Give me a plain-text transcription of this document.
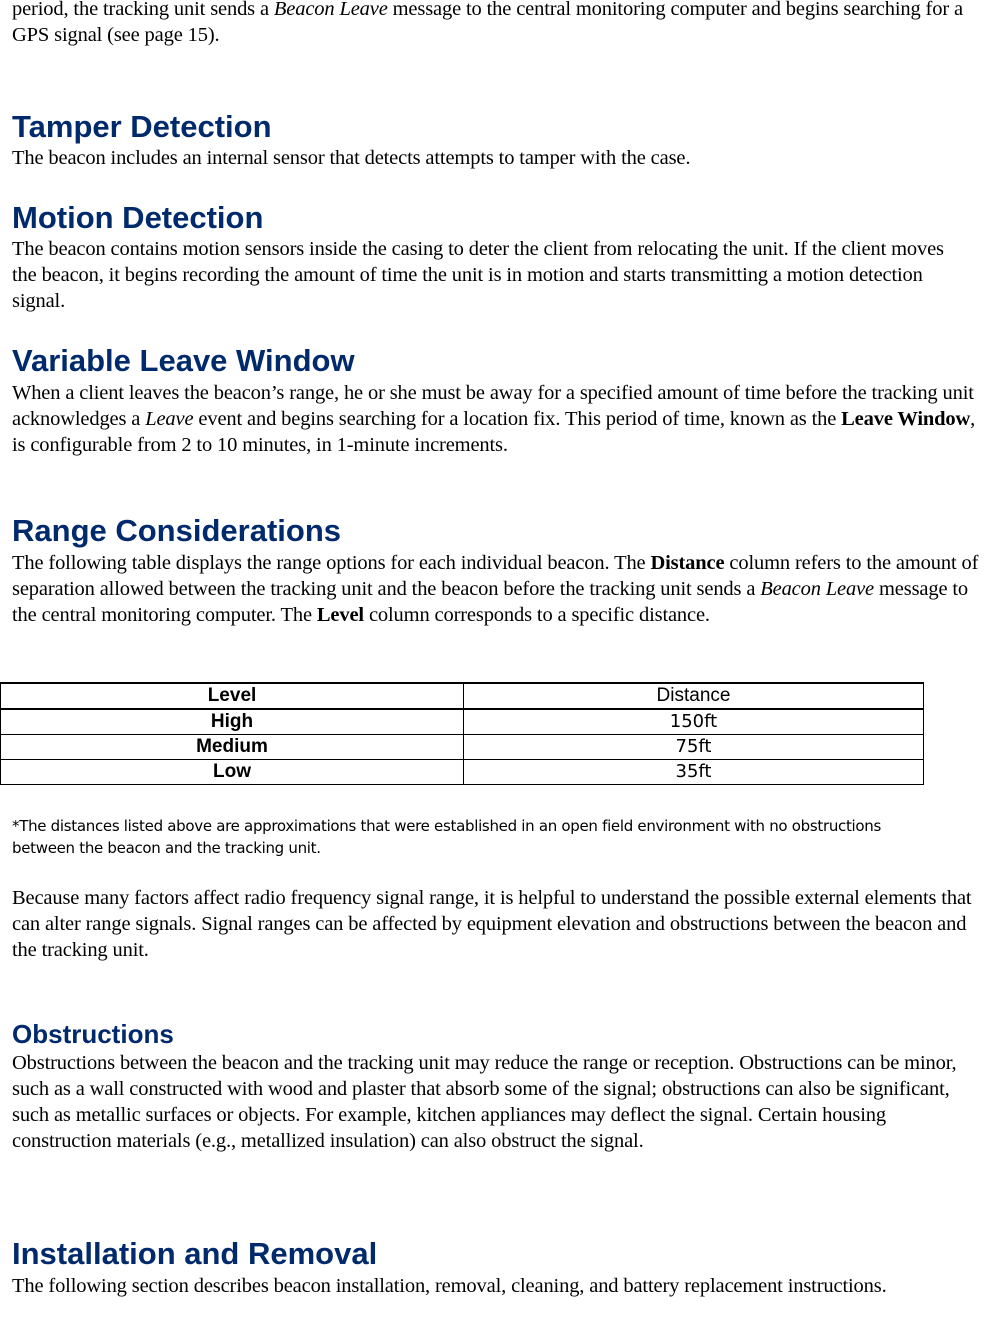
period, the tracking unit sends a Beacon Leave message to the central monitoring computer and begins searching for a GPS signal (see page 15).

Tamper Detection

The beacon includes an internal sensor that detects attempts to tamper with the case.

Motion Detection

The beacon contains motion sensors inside the casing to deter the client from relocating the unit. If the client moves the beacon, it begins recording the amount of time the unit is in motion and starts transmitting a motion detection signal.

Variable Leave Window

When a client leaves the beacon’s range, he or she must be away for a specified amount of time before the tracking unit acknowledges a Leave event and begins searching for a location fix. This period of time, known as the Leave Window, is configurable from 2 to 10 minutes, in 1-minute increments.

Range Considerations

The following table displays the range options for each individual beacon. The Distance column refers to the amount of separation allowed between the tracking unit and the beacon before the tracking unit sends a Beacon Leave message to the central monitoring computer. The Level column corresponds to a specific distance.

Level	Distance
High	150ft
Medium	75ft
Low	35ft

*The distances listed above are approximations that were established in an open field environment with no obstructions between the beacon and the tracking unit.

Because many factors affect radio frequency signal range, it is helpful to understand the possible external elements that can alter range signals. Signal ranges can be affected by equipment elevation and obstructions between the beacon and the tracking unit.

Obstructions

Obstructions between the beacon and the tracking unit may reduce the range or reception. Obstructions can be minor, such as a wall constructed with wood and plaster that absorb some of the signal; obstructions can also be significant, such as metallic surfaces or objects. For example, kitchen appliances may deflect the signal. Certain housing construction materials (e.g., metallized insulation) can also obstruct the signal.

Installation and Removal

The following section describes beacon installation, removal, cleaning, and battery replacement instructions.
